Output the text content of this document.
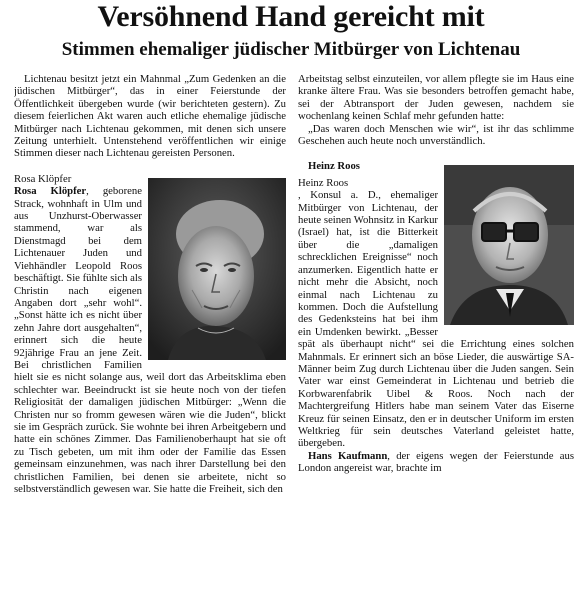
Versöhnend Hand gereicht mit
Stimmen ehemaliger jüdischer Mitbürger von Lichtenau

Lichtenau besitzt jetzt ein Mahnmal „Zum Gedenken an die jüdischen Mitbürger“, das in einer Feierstunde der Öffentlichkeit übergeben wurde (wir berichteten gestern). Zu diesem feierlichen Akt waren auch etliche ehemalige jüdische Mitbürger nach Lichtenau gekommen, mit denen sich unsere Zeitung unterhielt. Untenstehend veröffentlichen wir einige Stimmen dieser nach Lichtenau gereisten Personen.

Rosa Klöpfer
Rosa Klöpfer, geborene Strack, wohnhaft in Ulm und aus Unzhurst-Oberwasser stammend, war als Dienstmagd bei dem Lichtenauer Juden und Viehhändler Leopold Roos beschäftigt. Sie fühlte sich als Christin nach eigenen Angaben dort „sehr wohl“. „Sonst hätte ich es nicht über zehn Jahre dort ausgehalten“, erinnert sich die heute 92jährige Frau an jene Zeit. Bei christlichen Familien hielt sie es nicht solange aus, weil dort das Arbeitsklima eben schlechter war. Beeindruckt ist sie heute noch von der tiefen Religiosität der damaligen jüdischen Mitbürger: „Wenn die Christen nur so fromm gewesen wären wie die Juden“, blickt sie im Gespräch zurück. Sie wohnte bei ihren Arbeitgebern und hatte ein schönes Zimmer. Das Familienoberhaupt hat sie oft zu Tisch gebeten, um mit ihm oder der Familie das Essen gemeinsam einzunehmen, was nach ihrer Darstellung bei den christlichen Familien, bei denen sie arbeitete, nicht so selbstverständlich gewesen war. Sie hatte die Freiheit, sich den

Arbeitstag selbst einzuteilen, vor allem pflegte sie im Haus eine kranke ältere Frau. Was sie besonders betroffen gemacht habe, sei der Abtransport der Juden gewesen, nachdem sie wochenlang keinen Schlaf mehr gefunden hatte:

„Das waren doch Menschen wie wir“, ist ihr das schlimme Geschehen auch heute noch unverständlich.

Heinz Roos

Heinz Roos
, Konsul a. D., ehemaliger Mitbürger von Lichtenau, der heute seinen Wohnsitz in Karkur (Israel) hat, ist die Bitterkeit über die „damaligen schrecklichen Ereignisse“ noch anzumerken. Eigentlich hatte er nicht mehr die Absicht, noch einmal nach Lichtenau zu kommen. Doch die Aufstellung des Gedenksteins hat bei ihm ein Umdenken bewirkt. „Besser spät als überhaupt nicht“ sei die Errichtung eines solchen Mahnmals. Er erinnert sich an böse Lieder, die auswärtige SA-Männer beim Zug durch Lichtenau über die Juden sangen. Sein Vater war einst Gemeinderat in Lichtenau und betrieb die Korbwarenfabrik Uibel & Roos. Noch nach der Machtergreifung Hitlers habe man seinem Vater das Eiserne Kreuz für seinen Einsatz, den er in deutscher Uniform im ersten Weltkrieg für sein deutsches Vaterland geleistet hatte, übergeben.

Hans Kaufmann, der eigens wegen der Feierstunde aus London angereist war, brachte im
